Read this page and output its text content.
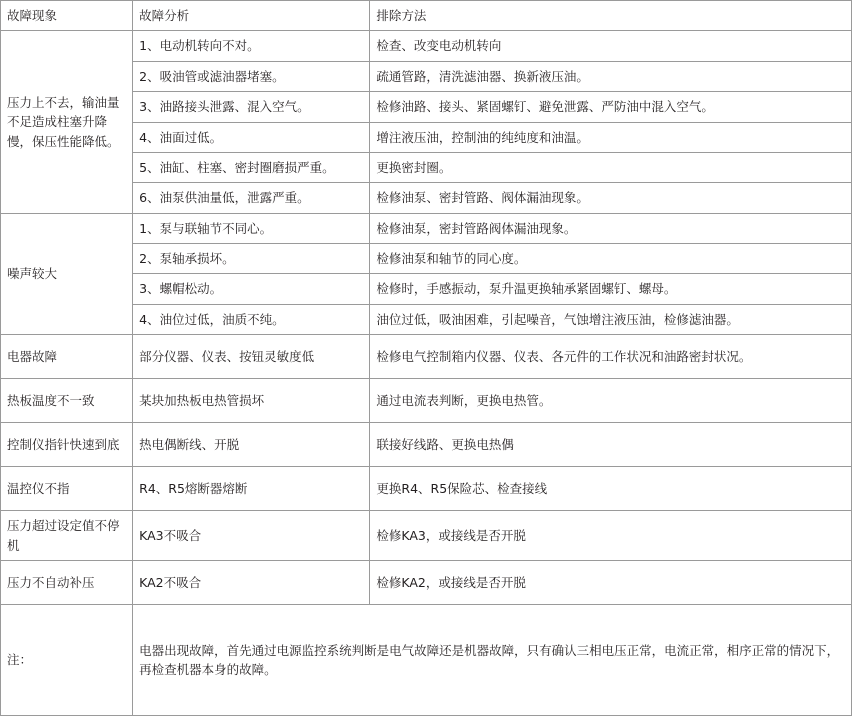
故障现象	故障分析	排除方法
压力上不去，输油量不足造成柱塞升降慢，保压性能降低。	1、电动机转向不对。	检查、改变电动机转向
	2、吸油管或滤油器堵塞。	疏通管路，清洗滤油器、换新液压油。
	3、油路接头泄露、混入空气。	检修油路、接头、紧固螺钉、避免泄露、严防油中混入空气。
	4、油面过低。	增注液压油，控制油的纯纯度和油温。
	5、油缸、柱塞、密封圈磨损严重。	更换密封圈。
	6、油泵供油量低，泄露严重。	检修油泵、密封管路、阀体漏油现象。
噪声较大	1、泵与联轴节不同心。	检修油泵，密封管路阀体漏油现象。
	2、泵轴承损坏。	检修油泵和轴节的同心度。
	3、螺帽松动。	检修时，手感振动，泵升温更换轴承紧固螺钉、螺母。
	4、油位过低，油质不纯。	油位过低，吸油困难，引起噪音，气蚀增注液压油，检修滤油器。
电器故障	部分仪器、仪表、按钮灵敏度低	检修电气控制箱内仪器、仪表、各元件的工作状况和油路密封状况。
热板温度不一致	某块加热板电热管损坏	通过电流表判断，更换电热管。
控制仪指针快速到底	热电偶断线、开脱	联接好线路、更换电热偶
温控仪不指	R4、R5熔断器熔断	更换R4、R5保险芯、检查接线
压力超过设定值不停机	KA3不吸合	检修KA3，或接线是否开脱
压力不自动补压	KA2不吸合	检修KA2，或接线是否开脱
注：	电器出现故障，首先通过电源监控系统判断是电气故障还是机器故障，只有确认三相电压正常，电流正常，相序正常的情况下，再检查机器本身的故障。	
